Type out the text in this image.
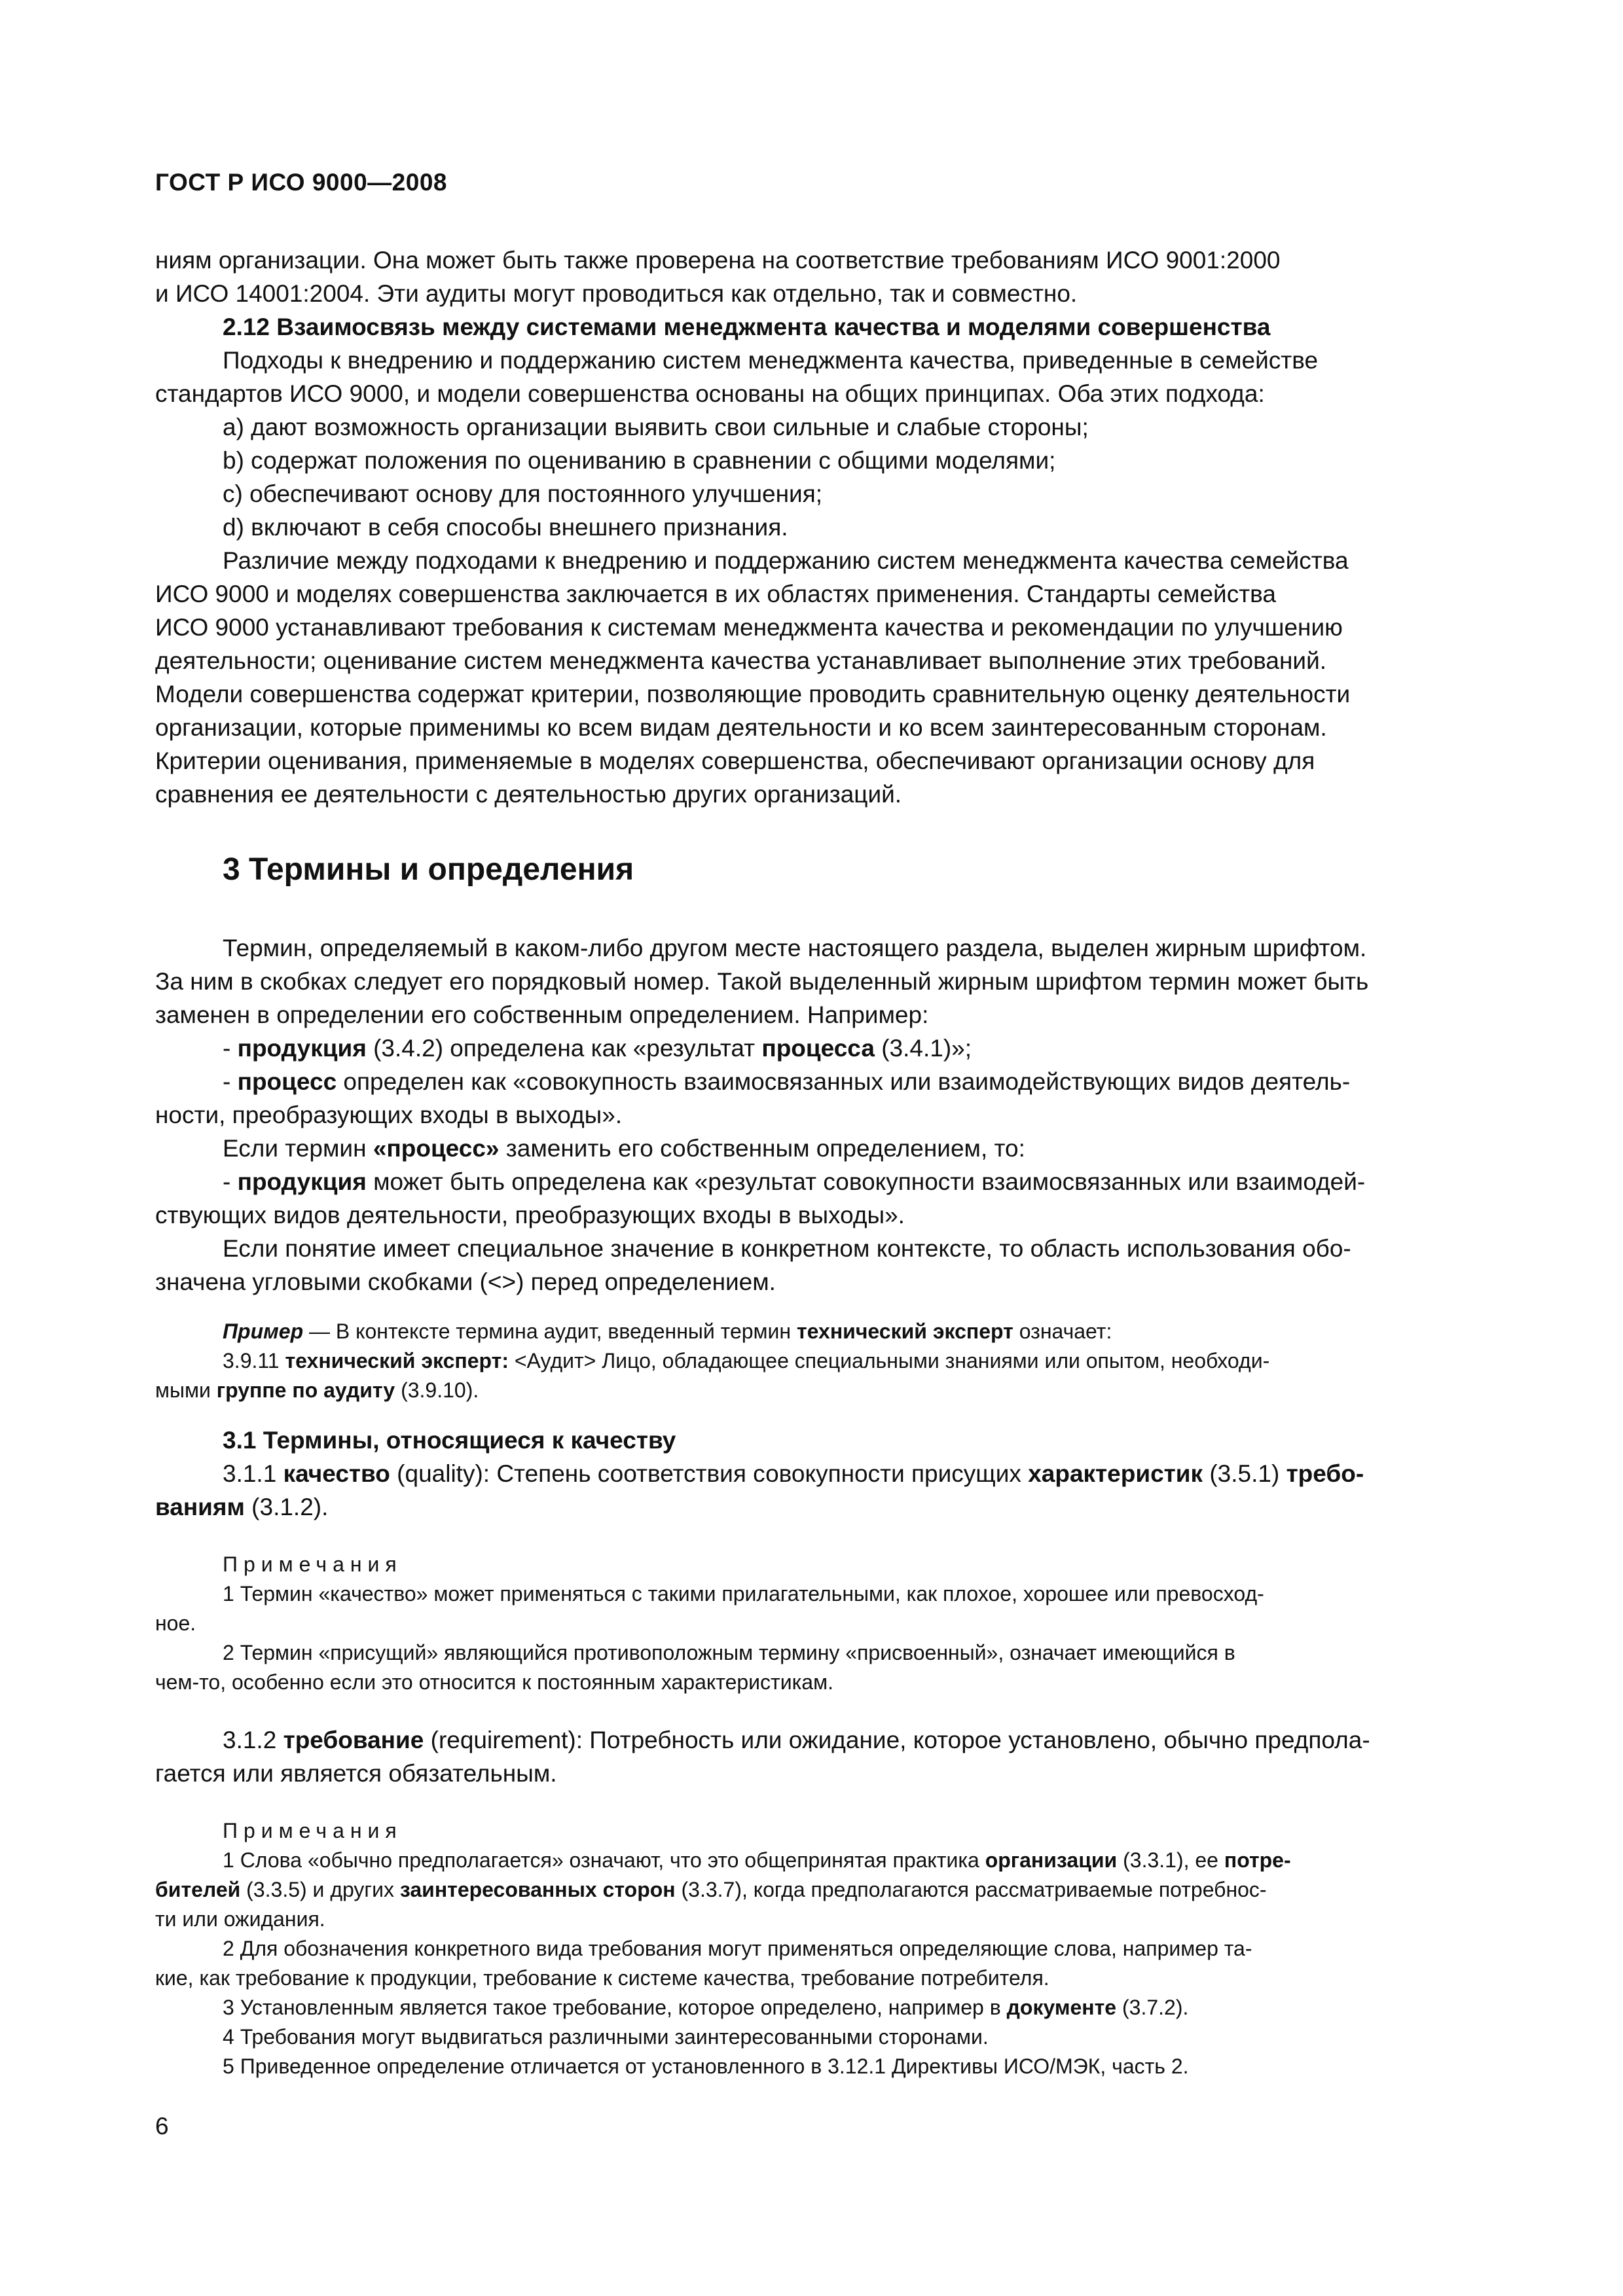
ГОСТ Р ИСО 9000—2008

ниям организации. Она может быть также проверена на соответствие требованиям ИСО 9001:2000

и ИСО 14001:2004. Эти аудиты могут проводиться как отдельно, так и совместно.

2.12 Взаимосвязь между системами менеджмента качества и моделями совершенства

Подходы к внедрению и поддержанию систем менеджмента качества, приведенные в семействе

стандартов ИСО 9000, и модели совершенства основаны на общих принципах. Оба этих подхода:

a) дают возможность организации выявить свои сильные и слабые стороны;

b) содержат положения по оцениванию в сравнении с общими моделями;

c) обеспечивают основу для постоянного улучшения;

d) включают в себя способы внешнего признания.

Различие между подходами к внедрению и поддержанию систем менеджмента качества семейства

ИСО 9000 и моделях совершенства заключается в их областях применения. Стандарты семейства

ИСО 9000 устанавливают требования к системам менеджмента качества и рекомендации по улучшению

деятельности; оценивание систем менеджмента качества устанавливает выполнение этих требований.

Модели совершенства содержат критерии, позволяющие проводить сравнительную оценку деятельности

организации, которые применимы ко всем видам деятельности и ко всем заинтересованным сторонам.

Критерии оценивания, применяемые в моделях совершенства, обеспечивают организации основу для

сравнения ее деятельности с деятельностью других организаций.

3 Термины и определения

Термин, определяемый в каком-либо другом месте настоящего раздела, выделен жирным шрифтом.

За ним в скобках следует его порядковый номер. Такой выделенный жирным шрифтом термин может быть

заменен в определении его собственным определением. Например:

- продукция (3.4.2) определена как «результат процесса (3.4.1)»;

- процесс определен как «совокупность взаимосвязанных или взаимодействующих видов деятель-

ности, преобразующих входы в выходы».

Если термин «процесс» заменить его собственным определением, то:

- продукция может быть определена как «результат совокупности взаимосвязанных или взаимодей-

ствующих видов деятельности, преобразующих входы в выходы».

Если понятие имеет специальное значение в конкретном контексте, то область использования обо-

значена угловыми скобками (<>) перед определением.

Пример — В контексте термина аудит, введенный термин технический эксперт означает:

3.9.11 технический эксперт: <Аудит> Лицо, обладающее специальными знаниями или опытом, необходи-

мыми группе по аудиту (3.9.10).

3.1 Термины, относящиеся к качеству

3.1.1 качество (quality): Степень соответствия совокупности присущих характеристик (3.5.1) требо-

ваниям (3.1.2).

Примечания

1 Термин «качество» может применяться с такими прилагательными, как плохое, хорошее или превосход-

ное.

2 Термин «присущий» являющийся противоположным термину «присвоенный», означает имеющийся в

чем-то, особенно если это относится к постоянным характеристикам.

3.1.2 требование (requirement): Потребность или ожидание, которое установлено, обычно предпола-

гается или является обязательным.

Примечания

1 Слова «обычно предполагается» означают, что это общепринятая практика организации (3.3.1), ее потре-

бителей (3.3.5) и других заинтересованных сторон (3.3.7), когда предполагаются рассматриваемые потребнос-

ти или ожидания.

2 Для обозначения конкретного вида требования могут применяться определяющие слова, например та-

кие, как требование к продукции, требование к системе качества, требование потребителя.

3 Установленным является такое требование, которое определено, например в документе (3.7.2).

4 Требования могут выдвигаться различными заинтересованными сторонами.

5 Приведенное определение отличается от установленного в 3.12.1 Директивы ИСО/МЭК, часть 2.

6
